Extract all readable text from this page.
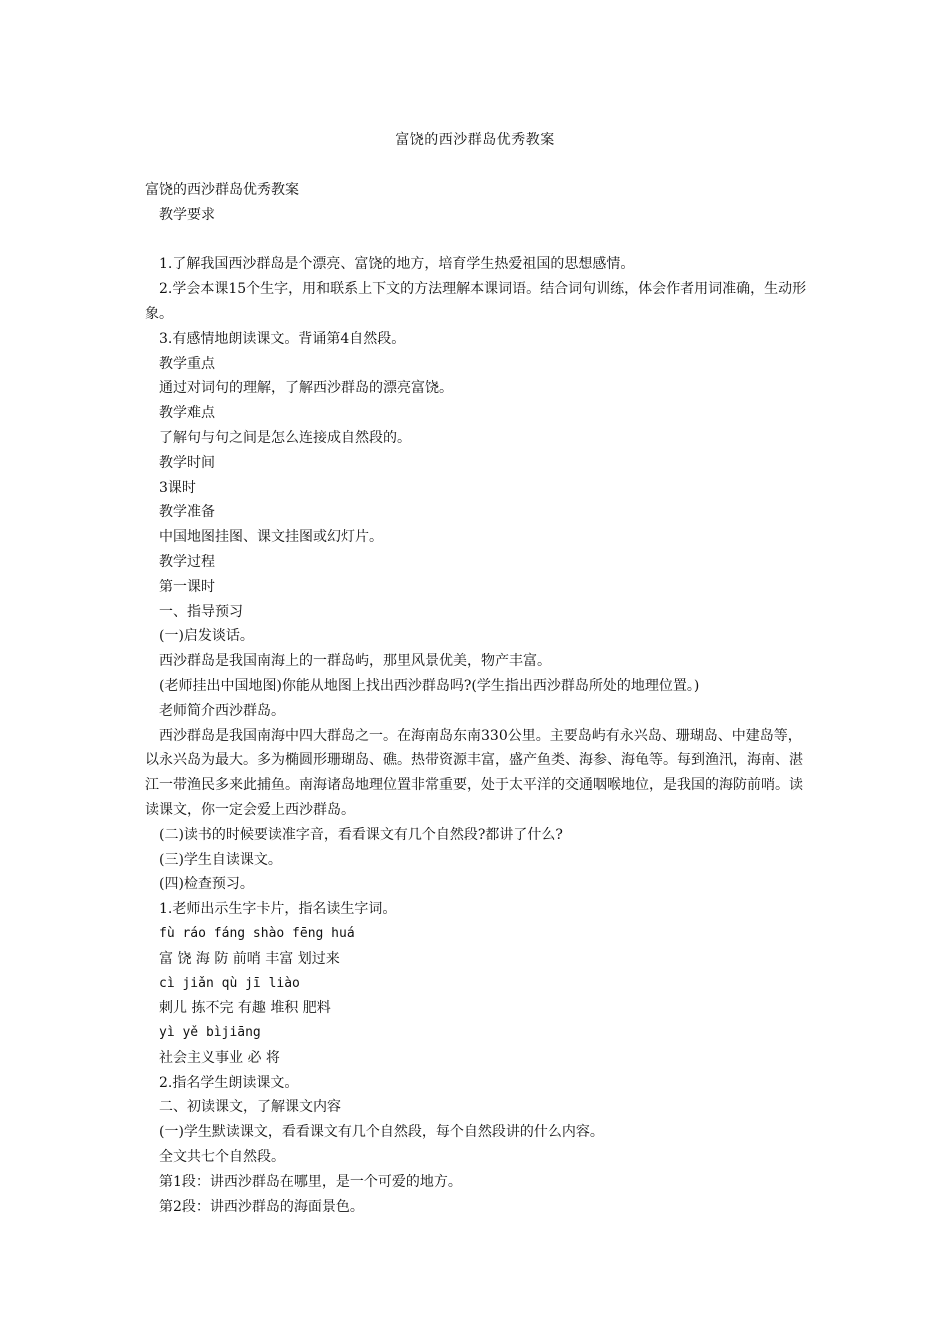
富饶的西沙群岛优秀教案
富饶的西沙群岛优秀教案
教学要求
1.了解我国西沙群岛是个漂亮、富饶的地方，培育学生热爱祖国的思想感情。
2.学会本课15个生字，用和联系上下文的方法理解本课词语。结合词句训练，体会作者用词准确，生动形象。
3.有感情地朗读课文。背诵第4自然段。
教学重点
通过对词句的理解，了解西沙群岛的漂亮富饶。
教学难点
了解句与句之间是怎么连接成自然段的。
教学时间
3课时
教学准备
中国地图挂图、课文挂图或幻灯片。
教学过程
第一课时
一、指导预习
(一)启发谈话。
西沙群岛是我国南海上的一群岛屿，那里风景优美，物产丰富。
(老师挂出中国地图)你能从地图上找出西沙群岛吗?(学生指出西沙群岛所处的地理位置。)
老师简介西沙群岛。
西沙群岛是我国南海中四大群岛之一。在海南岛东南330公里。主要岛屿有永兴岛、珊瑚岛、中建岛等，以永兴岛为最大。多为椭圆形珊瑚岛、礁。热带资源丰富，盛产鱼类、海参、海龟等。每到渔汛，海南、湛江一带渔民多来此捕鱼。南海诸岛地理位置非常重要，处于太平洋的交通咽喉地位，是我国的海防前哨。读读课文，你一定会爱上西沙群岛。
(二)读书的时候要读准字音，看看课文有几个自然段?都讲了什么?
(三)学生自读课文。
(四)检查预习。
1.老师出示生字卡片，指名读生字词。
fù ráo fáng shào fēng huá
富 饶 海 防 前哨 丰富 划过来
cì jiǎn qù jī liào
刺儿 拣不完 有趣 堆积 肥料
yì yě bìjiāng
社会主义事业 必 将
2.指名学生朗读课文。
二、初读课文，了解课文内容
(一)学生默读课文，看看课文有几个自然段，每个自然段讲的什么内容。
全文共七个自然段。
第1段：讲西沙群岛在哪里，是一个可爱的地方。
第2段：讲西沙群岛的海面景色。
